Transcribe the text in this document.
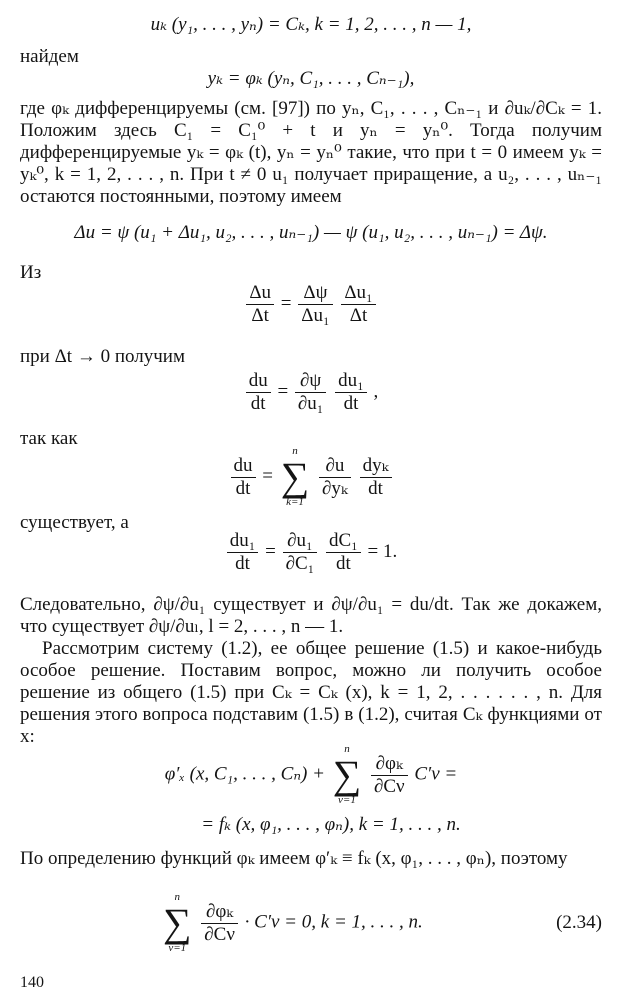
uₖ (y₁, . . . , yₙ) = Cₖ, k = 1, 2, . . . , n — 1,
найдем
yₖ = φₖ (yₙ, C₁, . . . , Cₙ₋₁),
где φₖ дифференцируемы (см. [97]) по yₙ, C₁, . . . , Cₙ₋₁ и ∂uₖ/∂Cₖ = 1. Положим здесь C₁ = C₁⁰ + t и yₙ = yₙ⁰. Тогда получим дифференцируемые yₖ = φₖ (t), yₙ = yₙ⁰ такие, что при t = 0 имеем yₖ = yₖ⁰, k = 1, 2, . . . , n. При t ≠ 0 u₁ получает приращение, а u₂, . . . , uₙ₋₁ остаются постоянными, поэтому имеем
Δu = ψ (u₁ + Δu₁, u₂, . . . , uₙ₋₁) — ψ (u₁, u₂, . . . , uₙ₋₁) = Δψ.
Из
$\frac{\Delta u}{\Delta t} = \frac{\Delta\psi}{\text{Δu₁}}$
$\frac{\text{Δu₁}}{\Delta t}$
при Δt → 0 получим
$\frac{du}{dt} = \frac{\partial\psi}{\text{∂u₁}}$
$\frac{\text{du₁}}{dt}$ ,
так как
$\frac{du}{dt}$ =
n
∑
k=1

$\frac{\partial u}{\text{∂yₖ}}$
$\frac{\text{dyₖ}}{dt}$
существует, а
$\frac{\text{du₁}}{dt} = \frac{\text{∂u₁}}{\text{∂C₁}}$
$\frac{\text{dC₁}}{dt} = 1$.
Следовательно, ∂ψ/∂u₁ существует и ∂ψ/∂u₁ = du/dt. Так же докажем, что существует ∂ψ/∂uₗ, l = 2, . . . , n — 1.
Рассмотрим систему (1.2), ее общее решение (1.5) и какое-нибудь особое решение. Поставим вопрос, можно ли получить особое решение из общего (1.5) при Cₖ = Cₖ (x), k = 1, 2, . . . . . . , n. Для решения этого вопроса подставим (1.5) в (1.2), считая Cₖ функциями от x:
φ′ₓ (x, C₁, . . . , Cₙ) +
n
∑
ν=1

$\frac{\text{∂φₖ}}{\partial C\nu} C'\nu$ =
= fₖ (x, φ₁, . . . , φₙ), k = 1, . . . , n.
По определению функций φₖ имеем φ′ₖ ≡ fₖ (x, φ₁, . . . , φₙ), поэтому
n
∑
ν=1

$\frac{\text{∂φₖ}}{\partial C\nu} \cdot C'\nu = 0$, k = 1, . . . , n.	(2.34)
140
